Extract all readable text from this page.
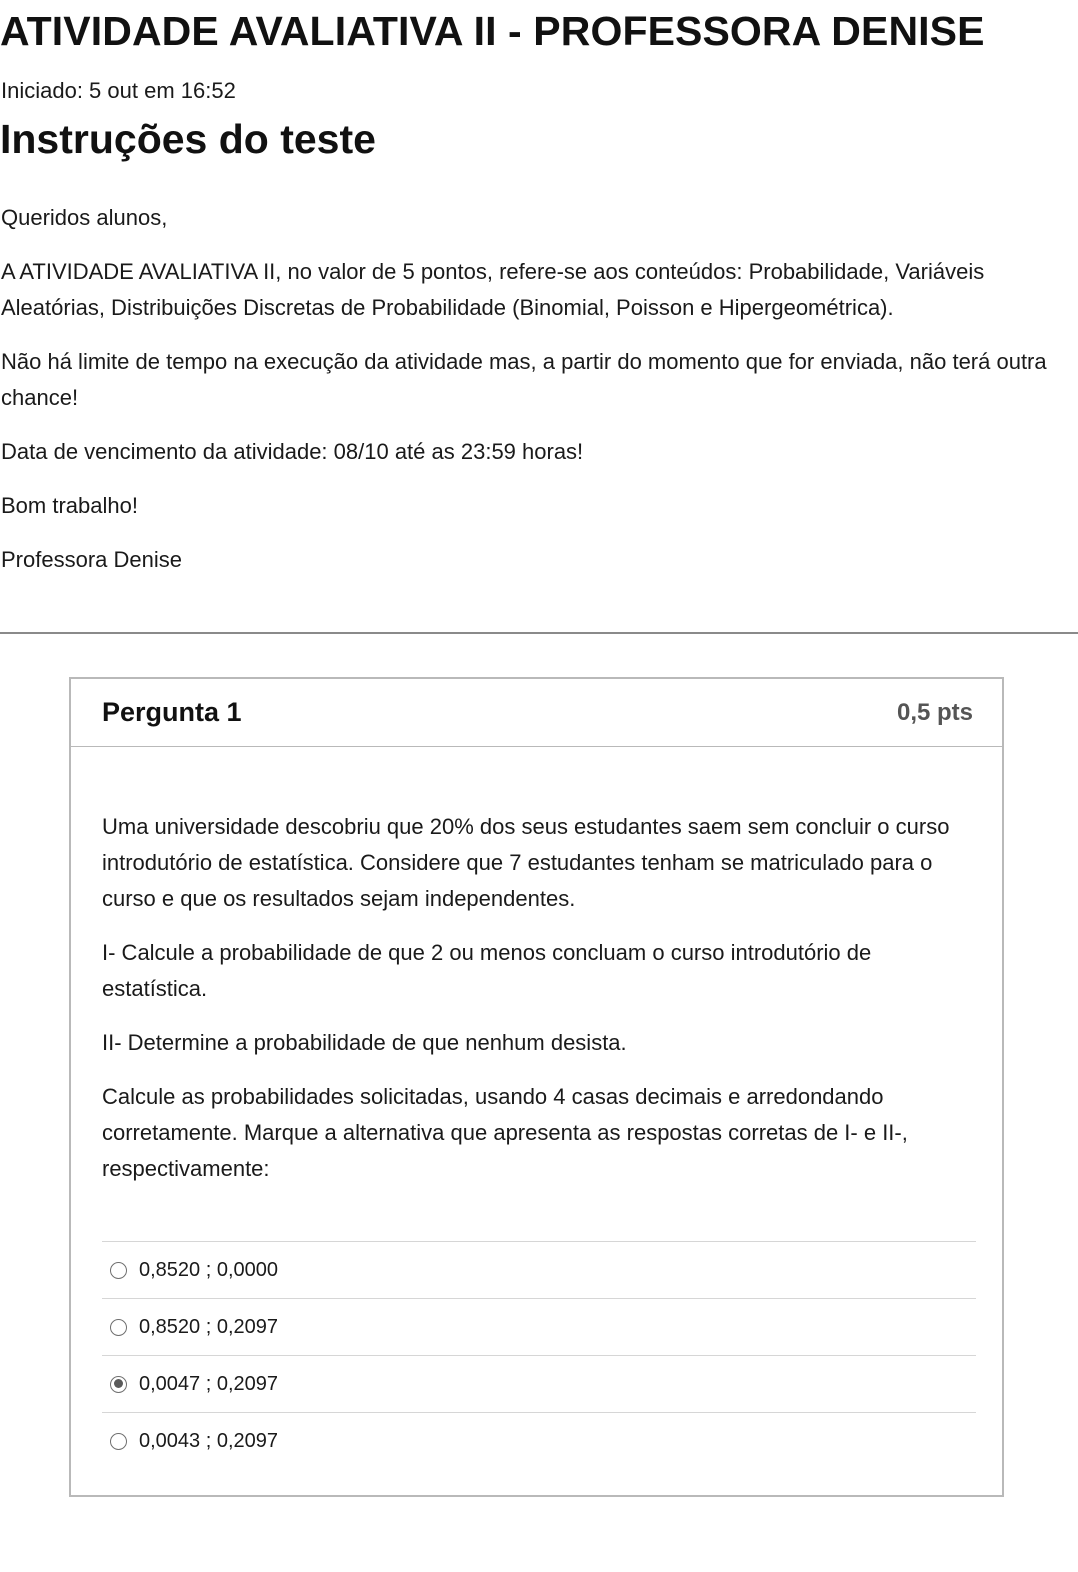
ATIVIDADE AVALIATIVA II - PROFESSORA DENISE
Iniciado: 5 out em 16:52
Instruções do teste

Queridos alunos,

A ATIVIDADE AVALIATIVA II, no valor de 5 pontos, refere-se aos conteúdos: Probabilidade, Variáveis Aleatórias, Distribuições Discretas de Probabilidade (Binomial, Poisson e Hipergeométrica).

Não há limite de tempo na execução da atividade mas, a partir do momento que for enviada, não terá outra chance!

Data de vencimento da atividade: 08/10 até as 23:59 horas!

Bom trabalho!

Professora Denise

Pergunta 1	0,5 pts

Uma universidade descobriu que 20% dos seus estudantes saem sem concluir o curso introdutório de estatística. Considere que 7 estudantes tenham se matriculado para o curso e que os resultados sejam independentes.

I- Calcule a probabilidade de que 2 ou menos concluam o curso introdutório de estatística.

II- Determine a probabilidade de que nenhum desista.

Calcule as probabilidades solicitadas, usando 4 casas decimais e arredondando corretamente. Marque a alternativa que apresenta as respostas corretas de I- e II-, respectivamente:

0,8520 ; 0,0000
0,8520 ; 0,2097
0,0047 ; 0,2097
0,0043 ; 0,2097
